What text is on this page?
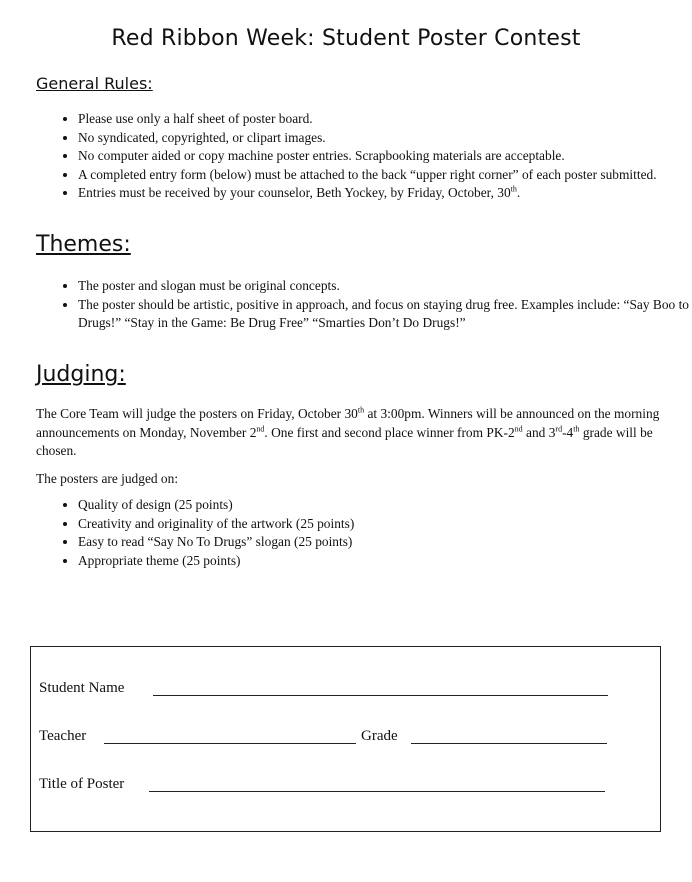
Red Ribbon Week: Student Poster Contest
General Rules:
• Please use only a half sheet of poster board.
• No syndicated, copyrighted, or clipart images.
• No computer aided or copy machine poster entries. Scrapbooking materials are acceptable.
• A completed entry form (below) must be attached to the back “upper right corner” of each poster submitted.
• Entries must be received by your counselor, Beth Yockey, by Friday, October, 30th.
Themes:
• The poster and slogan must be original concepts.
• The poster should be artistic, positive in approach, and focus on staying drug free. Examples include: “Say Boo to Drugs!” “Stay in the Game: Be Drug Free” “Smarties Don’t Do Drugs!”
Judging:

The Core Team will judge the posters on Friday, October 30th at 3:00pm. Winners will be announced on the morning announcements on Monday, November 2nd. One first and second place winner from PK-2nd and 3rd-4th grade will be chosen.

The posters are judged on:

• Quality of design (25 points)
• Creativity and originality of the artwork (25 points)
• Easy to read “Say No To Drugs” slogan (25 points)
• Appropriate theme (25 points)
Student Name
Teacher	Grade
Title of Poster
